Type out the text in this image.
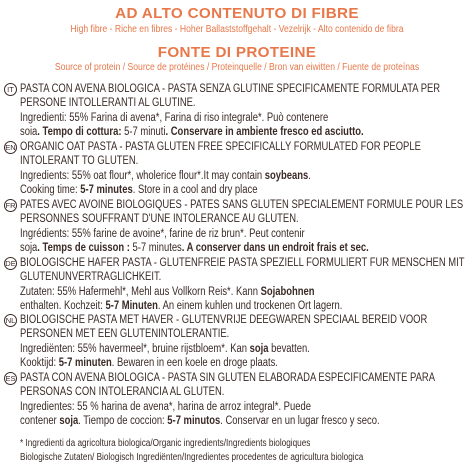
AD ALTO CONTENUTO DI FIBRE
High fibre - Riche en fibres - Hoher Ballaststoffgehalt - Vezelrijk - Alto contenido de fibra
FONTE DI PROTEINE
Source of protein / Source de protéines / Proteinquelle / Bron van eiwitten / Fuente de proteínas
IT PASTA CON AVENA BIOLOGICA - PASTA SENZA GLUTINE SPECIFICAMENTE FORMULATA PER
PERSONE INTOLLERANTI AL GLUTINE.
Ingredienti: 55% Farina di avena*, Farina di riso integrale*. Può contenere
soia. Tempo di cottura: 5-7 minuti. Conservare in ambiente fresco ed asciutto.
EN ORGANIC OAT PASTA - PASTA GLUTEN FREE SPECIFICALLY FORMULATED FOR PEOPLE
INTOLERANT TO GLUTEN.
Ingredients: 55% oat flour*, wholerice flour*.It may contain soybeans.
Cooking time: 5-7 minutes. Store in a cool and dry place
FR PATES AVEC AVOINE BIOLOGIQUES - PATES SANS GLUTEN SPECIALEMENT FORMULE POUR LES
PERSONNES SOUFFRANT D'UNE INTOLERANCE AU GLUTEN.
Ingrédients: 55% farine de avoine*, farine de riz brun*. Peut contenir
soja. Temps de cuisson : 5-7 minutes. A conserver dans un endroit frais et sec.
DE BIOLOGISCHE HAFER PASTA - GLUTENFREIE PASTA SPEZIELL FORMULIERT FUR MENSCHEN MIT
GLUTENUNVERTRAGLICHKEIT.
Zutaten: 55% Hafermehl*, Mehl aus Vollkorn Reis*. Kann Sojabohnen
enthalten. Kochzeit: 5-7 Minuten. An einem kuhlen und trockenen Ort lagern.
NL BIOLOGISCHE PASTA MET HAVER - GLUTENVRIJE DEEGWAREN SPECIAAL BEREID VOOR
PERSONEN MET EEN GLUTENINTOLERANTIE.
Ingrediënten: 55% havermeel*, bruine rijstbloem*. Kan soja bevatten.
Kooktijd: 5-7 minuten. Bewaren in een koele en droge plaats.
ES PASTA CON AVENA BIOLOGICA - PASTA SIN GLUTEN ELABORADA ESPECIFICAMENTE PARA
PERSONAS CON INTOLERANCIA AL GLUTEN.
Ingredientes: 55 % harina de avena*, harina de arroz integral*. Puede
contener soja. Tiempo de coccion: 5-7 minutos. Conservar en un lugar fresco y seco.
* Ingredienti da agricoltura biologica/Organic ingredients/Ingredients biologiques
Biologische Zutaten/ Biologisch Ingrediënten/Ingredientes procedentes de agricultura biologica
